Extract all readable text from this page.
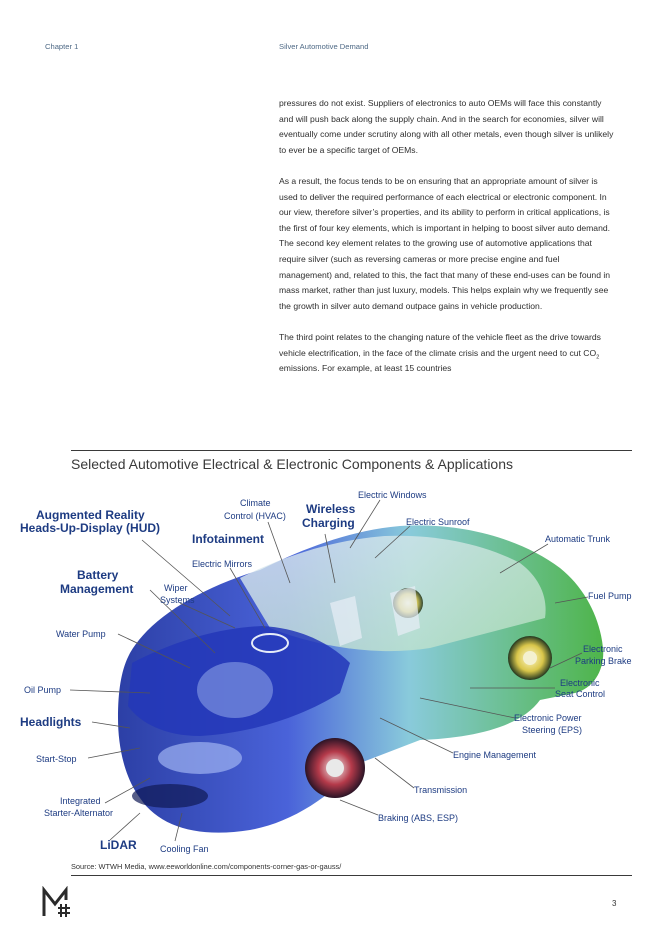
Chapter 1	Silver Automotive Demand

pressures do not exist. Suppliers of electronics to auto OEMs will face this constantly and will push back along the supply chain. And in the search for economies, silver will eventually come under scrutiny along with all other metals, even though silver is unlikely to ever be a specific target of OEMs.

As a result, the focus tends to be on ensuring that an appropriate amount of silver is used to deliver the required performance of each electrical or electronic component. In our view, therefore silver’s properties, and its ability to perform in critical applications, is the first of four key elements, which is important in helping to boost silver auto demand. The second key element relates to the growing use of automotive applications that require silver (such as reversing cameras or more precise engine and fuel management) and, related to this, the fact that many of these end-uses can be found in mass market, rather than just luxury, models. This helps explain why we frequently see the growth in silver auto demand outpace gains in vehicle production.

The third point relates to the changing nature of the vehicle fleet as the drive towards vehicle electrification, in the face of the climate crisis and the urgent need to cut $CO_2$ emissions. For example, at least 15 countries

Selected Automotive Electrical & Electronic Components & Applications
Augmented Reality
Heads-Up-Display (HUD)
Climate
Control (HVAC) Wireless
Charging
Electric Windows
Electric Sunroof
Infotainment	Automatic Trunk
Electric Mirrors
Battery
Management	Wiper
Systems	Fuel Pump
Water Pump
Electronic
Parking Brake
Oil Pump
Electronic
Seat Control
Headlights	Electronic Power
Steering (EPS)
Engine Management
Start-Stop
Transmission
Integrated
Starter-Alternator	Braking (ABS, ESP)
LiDAR	Cooling Fan
Source: WTWH Media, www.eeworldonline.com/components-corner-gas-or-gauss/
3
